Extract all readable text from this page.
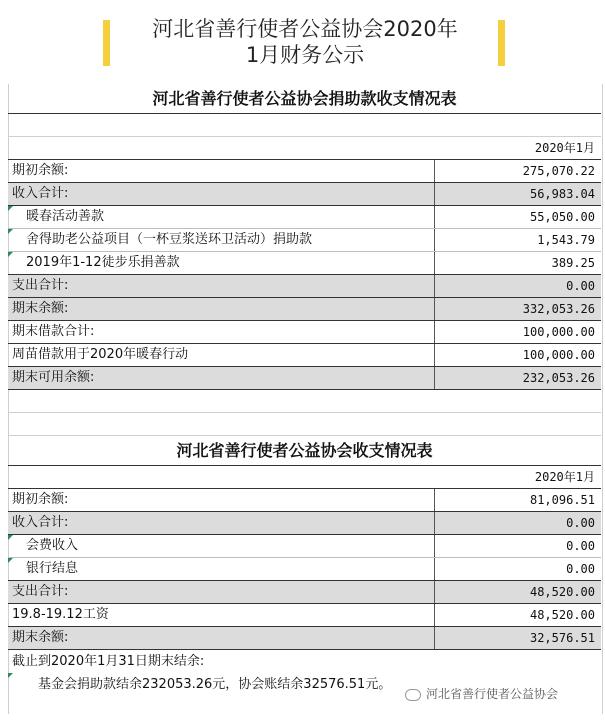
河北省善行使者公益协会2020年
1月财务公示
河北省善行使者公益协会捐助款收支情况表
2020年1月
期初余额:	275,070.22
收入合计:	56,983.04
暖春活动善款	55,050.00
舍得助老公益项目（一杯豆浆送环卫活动）捐助款	1,543.79
2019年1-12徒步乐捐善款	389.25
支出合计:	0.00
期末余额:	332,053.26
期末借款合计:	100,000.00
周苗借款用于2020年暖春行动	100,000.00
期末可用余额:	232,053.26
河北省善行使者公益协会收支情况表
2020年1月
期初余额:	81,096.51
收入合计:	0.00
会费收入	0.00
银行结息	0.00
支出合计:	48,520.00
19.8-19.12工资	48,520.00
期末余额:	32,576.51
截止到2020年1月31日期末结余:
基金会捐助款结余232053.26元，协会账结余32576.51元。
河北省善行使者公益协会
